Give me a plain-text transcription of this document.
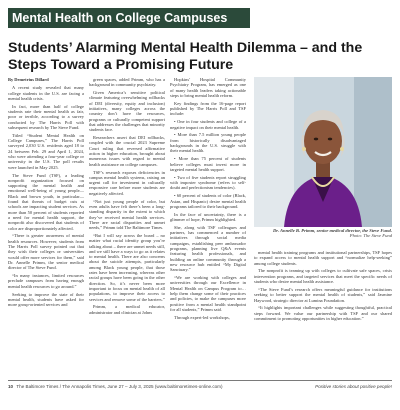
Mental Health on College Campuses
Students’ Alarming Mental Health Dilemma – and the Steps Toward a Promising Future

By Demetrius Dillard

A recent study revealed that many college students in the U.S. are facing a mental health crisis.

In fact, more than half of college students rate their mental health as fair, poor or terrible, according to a survey conducted by The Harris Poll with subsequent research by The Steve Fund.

Titled “Student Mental Health on College Campuses,” The Harris Poll surveyed 2,030 U.S. residents aged 18 to 24 between Feb. 29 and April 1, 2024, who were attending a four-year college or university in the U.S. The poll results were launched in May 2025.

The Steve Fund (TSF), a leading nonprofit organization focused on supporting the mental health and emotional well-being of young people—Black and brown youth, in particular— found that threats of budget cuts at schools are impacting student services. As more than 50 percent of students reported a need for mental health support, the nonprofit also discovered that students of color are disproportionately affected.

“There is greater awareness of mental health resources. However, students from The Harris Poll survey pointed out that they wish their colleges or universities would offer more services for them,” said Dr. Annelle Primm, the senior medical director of The Steve Fund.

“In many instances, limited resources preclude campuses from having enough mental health resources to go around.”

Seeking to improve the state of their mental health, students have asked for more group-oriented services and

green spaces, added Primm, who has a background in community psychiatry.

Given America’s sensitive political climate featuring overwhelming rollbacks of DEI (diversity, equity and inclusion) initiatives, many colleges across the country don’t have the resources, programs or culturally competent support that addresses the challenges that minority students face.

Researchers assert that DEI rollbacks, coupled with the crucial 2023 Supreme Court ruling that reversed affirmative action in higher education, brought about numerous issues with regard to mental health assistance on college campuses.

TSF’s research exposes deficiencies in campus mental health systems, raising an urgent call for investment in culturally responsive care before more students are negatively affected.

“Not just young people of color, but even adults have felt there’s been a long-standing disparity in the extent to which they’ve received mental health services. There are racial disparities and unmet needs,” Primm told The Baltimore Times.

“But I will say across the board – no matter what racial identity group you’re talking about – there are unmet needs still, and we still have a ways to go as it relates to mental health. There are also concerns about the suicide attempts, particularly among Black young people, that those rates have been increasing, whereas other racial groups have been going in the other direction. So, it’s never been more important to focus on mental health of all populations, to improve their access to services and remove some of the barriers.”

Primm, a medical educator, administrator and clinician at Johns

Hopkins’ Hospital Community Psychiatry Program, has emerged as one of many health leaders taking actionable steps to bring mental health reform.

Key findings from the 16-page report published by The Harris Poll and TSF include:

• One in four students and college of a negative impact on their mental health.

• More than 7.5 million young people from historically disadvantaged backgrounds in the U.S. struggle with their mental health.

• More than 75 percent of students believe colleges must invest more in targeted mental health support.

• Two of five students report struggling with imposter syndrome (refers to self-doubt and perfectionism tendencies).

• 60 percent of students of color (Black, Asian, and Hispanic) desire mental health programs tailored to their background.

In the face of uncertainty, there is a glimmer of hope, Primm highlighted.

She, along with TSF colleagues and partners, has commenced a number of initiatives through social media campaigns, establishing peer ambassador programs, planning live Q&A events featuring health professionals, and building an online community through a new resource hub entitled “My Digital Sanctuary.”

“We are working with colleges and universities through our Excellence in Mental Health on Campus Program to… help them change some of their practices and policies, to make the campuses more positive from a mental health standpoint for all students,” Primm said.

Through expert-led workshops,

Dr. Annelle B. Primm, senior medical director, the Steve Fund.
Photo: The Steve Fund

mental health training programs and institutional partnerships, TSF hopes to expand access to mental health support and “normalize help-seeking” among college students.

The nonprofit is teaming up with colleges to cultivate safe spaces, crisis intervention programs, and targeted services that meet the specific needs of students who desire mental health assistance.

“The Steve Fund’s research offers meaningful guidance for institutions seeking to better support the mental health of students,” said Jasmine Haywood, strategic director at Lumina Foundation.

“It highlights important challenges while suggesting thoughtful, practical steps forward. We value our partnership with TSF and our shared commitment to promoting opportunities in higher education.”

10 The Baltimore Times / The Annapolis Times, June 27 – July 3, 2025 (www.baltimoretimes-online.com)	Positive stories about positive people!
